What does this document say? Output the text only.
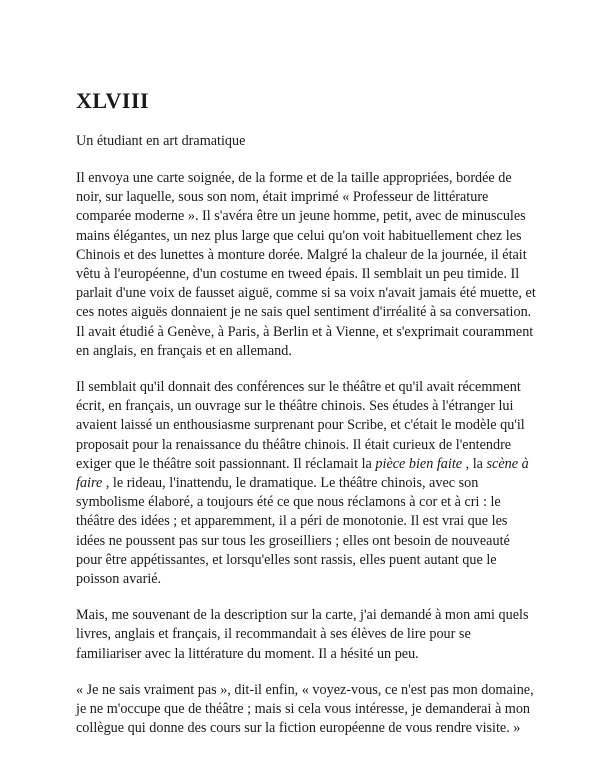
XLVIII

Un étudiant en art dramatique

Il envoya une carte soignée, de la forme et de la taille appropriées, bordée de noir, sur laquelle, sous son nom, était imprimé « Professeur de littérature comparée moderne ». Il s'avéra être un jeune homme, petit, avec de minuscules mains élégantes, un nez plus large que celui qu'on voit habituellement chez les Chinois et des lunettes à monture dorée. Malgré la chaleur de la journée, il était vêtu à l'européenne, d'un costume en tweed épais. Il semblait un peu timide. Il parlait d'une voix de fausset aiguë, comme si sa voix n'avait jamais été muette, et ces notes aiguës donnaient je ne sais quel sentiment d'irréalité à sa conversation. Il avait étudié à Genève, à Paris, à Berlin et à Vienne, et s'exprimait couramment en anglais, en français et en allemand.

Il semblait qu'il donnait des conférences sur le théâtre et qu'il avait récemment écrit, en français, un ouvrage sur le théâtre chinois. Ses études à l'étranger lui avaient laissé un enthousiasme surprenant pour Scribe, et c'était le modèle qu'il proposait pour la renaissance du théâtre chinois. Il était curieux de l'entendre exiger que le théâtre soit passionnant. Il réclamait la pièce bien faite , la scène à faire , le rideau, l'inattendu, le dramatique. Le théâtre chinois, avec son symbolisme élaboré, a toujours été ce que nous réclamons à cor et à cri : le théâtre des idées ; et apparemment, il a péri de monotonie. Il est vrai que les idées ne poussent pas sur tous les groseilliers ; elles ont besoin de nouveauté pour être appétissantes, et lorsqu'elles sont rassis, elles puent autant que le poisson avarié.

Mais, me souvenant de la description sur la carte, j'ai demandé à mon ami quels livres, anglais et français, il recommandait à ses élèves de lire pour se familiariser avec la littérature du moment. Il a hésité un peu.

« Je ne sais vraiment pas », dit-il enfin, « voyez-vous, ce n'est pas mon domaine, je ne m'occupe que de théâtre ; mais si cela vous intéresse, je demanderai à mon collègue qui donne des cours sur la fiction européenne de vous rendre visite. »
